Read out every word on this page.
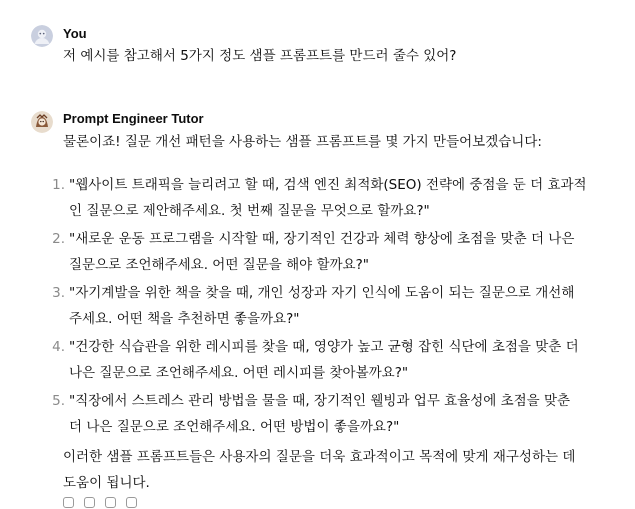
You
저 예시를 참고해서 5가지 정도 샘플 프롬프트를 만드러 줄수 있어?
Prompt Engineer Tutor
물론이죠! 질문 개선 패턴을 사용하는 샘플 프롬프트를 몇 가지 만들어보겠습니다:
1. "웹사이트 트래픽을 늘리려고 할 때, 검색 엔진 최적화(SEO) 전략에 중점을 둔 더 효과적
인 질문으로 제안해주세요. 첫 번째 질문을 무엇으로 할까요?"
2. "새로운 운동 프로그램을 시작할 때, 장기적인 건강과 체력 향상에 초점을 맞춘 더 나은
질문으로 조언해주세요. 어떤 질문을 해야 할까요?"
3. "자기계발을 위한 책을 찾을 때, 개인 성장과 자기 인식에 도움이 되는 질문으로 개선해
주세요. 어떤 책을 추천하면 좋을까요?"
4. "건강한 식습관을 위한 레시피를 찾을 때, 영양가 높고 균형 잡힌 식단에 초점을 맞춘 더
나은 질문으로 조언해주세요. 어떤 레시피를 찾아볼까요?"
5. "직장에서 스트레스 관리 방법을 물을 때, 장기적인 웰빙과 업무 효율성에 초점을 맞춘
더 나은 질문으로 조언해주세요. 어떤 방법이 좋을까요?"
이러한 샘플 프롬프트들은 사용자의 질문을 더욱 효과적이고 목적에 맞게 재구성하는 데
도움이 됩니다.
